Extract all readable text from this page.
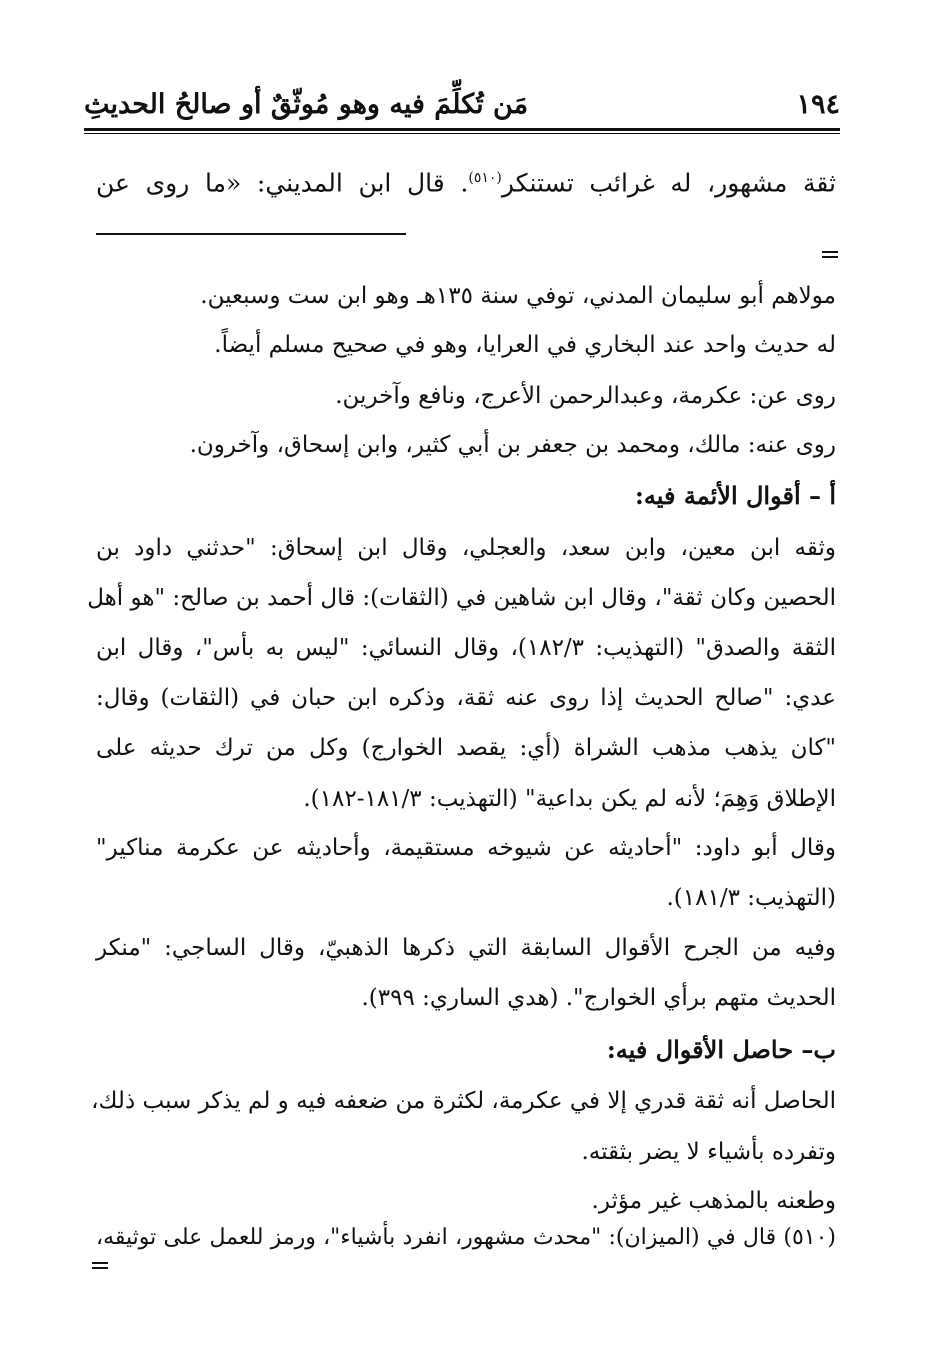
١٩٤
مَن تُكلِّمَ فيه وهو مُوثّقٌ أو صالحُ الحديثِ
ثقة مشهور، له غرائب تستنكر$^{(٥١٠)}$. قال ابن المديني: «ما روى عن
مولاهم أبو سليمان المدني، توفي سنة ١٣٥هـ وهو ابن ست وسبعين.
له حديث واحد عند البخاري في العرايا، وهو في صحيح مسلم أيضاً.
روى عن: عكرمة، وعبدالرحمن الأعرج، ونافع وآخرين.
روى عنه: مالك، ومحمد بن جعفر بن أبي كثير، وابن إسحاق، وآخرون.
أ – أقوال الأئمة فيه:
وثقه ابن معين، وابن سعد، والعجلي، وقال ابن إسحاق: "حدثني داود بن
الحصين وكان ثقة"، وقال ابن شاهين في (الثقات): قال أحمد بن صالح: "هو أهل
الثقة والصدق" (التهذيب: ١٨٢/٣)، وقال النسائي: "ليس به بأس"، وقال ابن
عدي: "صالح الحديث إذا روى عنه ثقة، وذكره ابن حبان في (الثقات) وقال:
"كان يذهب مذهب الشراة (أي: يقصد الخوارج) وكل من ترك حديثه على
الإطلاق وَهِمَ؛ لأنه لم يكن بداعية" (التهذيب: ١٨١/٣-١٨٢).
وقال أبو داود: "أحاديثه عن شيوخه مستقيمة، وأحاديثه عن عكرمة مناكير"
(التهذيب: ١٨١/٣).
وفيه من الجرح الأقوال السابقة التي ذكرها الذهبيّ، وقال الساجي: "منكر
الحديث متهم برأي الخوارج". (هدي الساري: ٣٩٩).
ب– حاصل الأقوال فيه:
الحاصل أنه ثقة قدري إلا في عكرمة، لكثرة من ضعفه فيه و لم يذكر سبب ذلك،
وتفرده بأشياء لا يضر بثقته.
وطعنه بالمذهب غير مؤثر.
(٥١٠) قال في (الميزان): "محدث مشهور، انفرد بأشياء"، ورمز للعمل على توثيقه،
